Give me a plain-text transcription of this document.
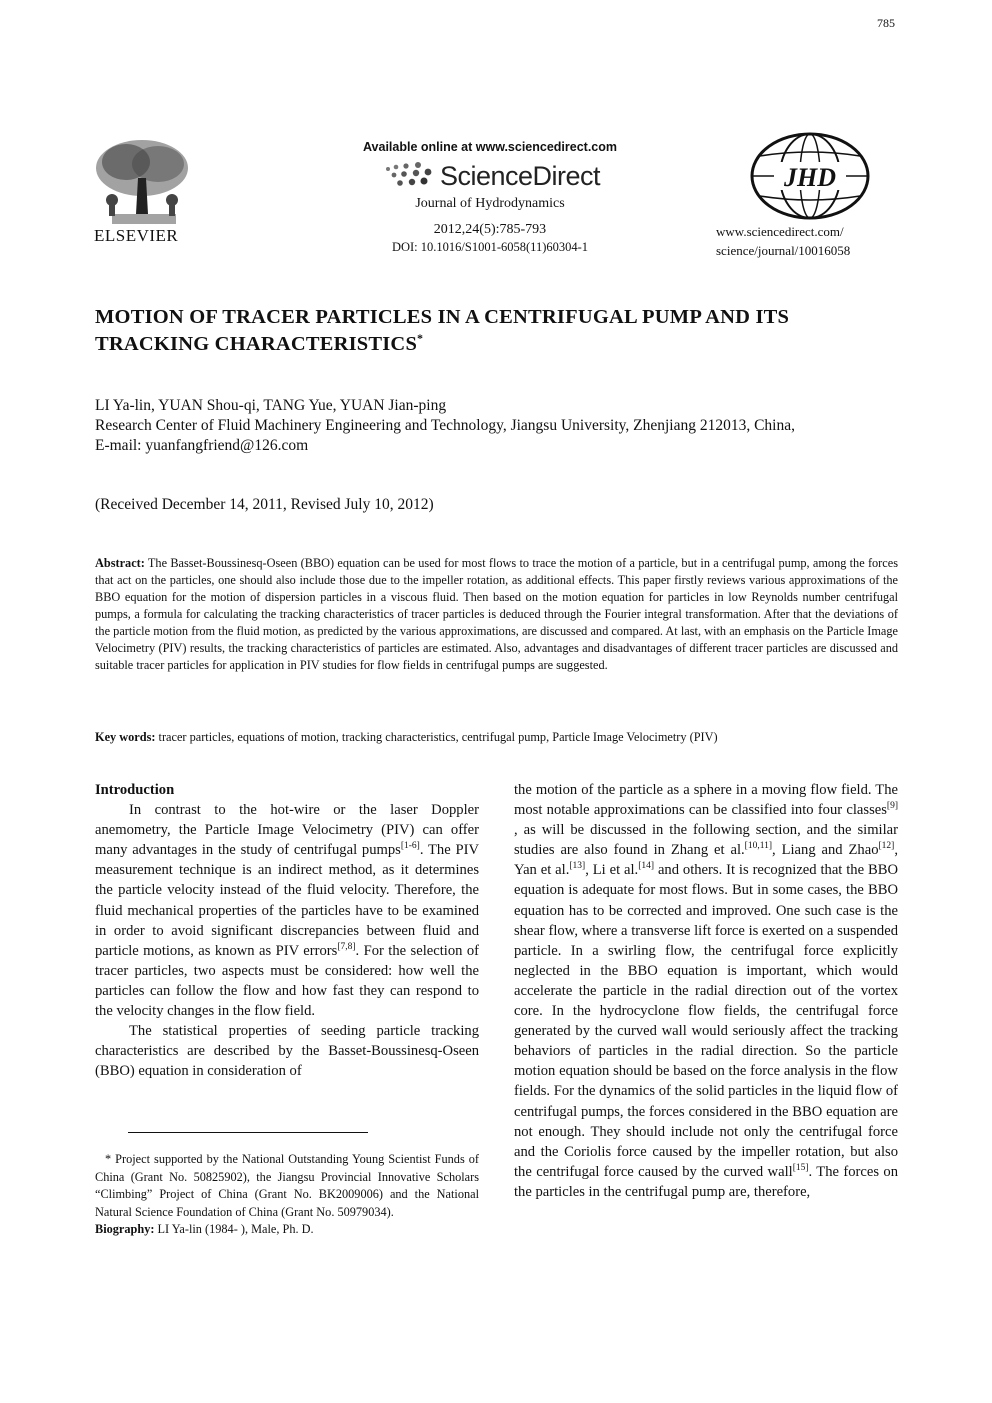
785
ELSEVIER
Available online at www.sciencedirect.com
ScienceDirect
Journal of Hydrodynamics
2012,24(5):785-793
DOI: 10.1016/S1001-6058(11)60304-1
JHD
www.sciencedirect.com/
science/journal/10016058
MOTION OF TRACER PARTICLES IN A CENTRIFUGAL PUMP AND ITS
TRACKING CHARACTERISTICS*
LI Ya-lin, YUAN Shou-qi, TANG Yue, YUAN Jian-ping
Research Center of Fluid Machinery Engineering and Technology, Jiangsu University, Zhenjiang 212013, China,
E-mail: yuanfangfriend@126.com
(Received December 14, 2011, Revised July 10, 2012)
Abstract: The Basset-Boussinesq-Oseen (BBO) equation can be used for most flows to trace the motion of a particle, but in a centrifugal pump, among the forces that act on the particles, one should also include those due to the impeller rotation, as additional effects. This paper firstly reviews various approximations of the BBO equation for the motion of dispersion particles in a viscous fluid. Then based on the motion equation for particles in low Reynolds number centrifugal pumps, a formula for calculating the tracking characteristics of tracer particles is deduced through the Fourier integral transformation. After that the deviations of the particle motion from the fluid motion, as predicted by the various approximations, are discussed and compared. At last, with an emphasis on the Particle Image Velocimetry (PIV) results, the tracking characteristics of particles are estimated. Also, advantages and disadvantages of different tracer particles are discussed and suitable tracer particles for application in PIV studies for flow fields in centrifugal pumps are suggested.
Key words: tracer particles, equations of motion, tracking characteristics, centrifugal pump, Particle Image Velocimetry (PIV)

Introduction

In contrast to the hot-wire or the laser Doppler anemometry, the Particle Image Velocimetry (PIV) can offer many advantages in the study of centrifugal pumps[1-6]. The PIV measurement technique is an indirect method, as it determines the particle velocity instead of the fluid velocity. Therefore, the fluid mechanical properties of the particles have to be examined in order to avoid significant discrepancies between fluid and particle motions, as known as PIV errors[7,8]. For the selection of tracer particles, two aspects must be considered: how well the particles can follow the flow and how fast they can respond to the velocity changes in the flow field.

The statistical properties of seeding particle tracking characteristics are described by the Basset-Boussinesq-Oseen (BBO) equation in consideration of

* Project supported by the National Outstanding Young Scientist Funds of China (Grant No. 50825902), the Jiangsu Provincial Innovative Scholars “Climbing” Project of China (Grant No. BK2009006) and the National Natural Science Foundation of China (Grant No. 50979034).

Biography: LI Ya-lin (1984- ), Male, Ph. D.

the motion of the particle as a sphere in a moving flow field. The most notable approximations can be classified into four classes[9] , as will be discussed in the following section, and the similar studies are also found in Zhang et al.[10,11], Liang and Zhao[12], Yan et al.[13], Li et al.[14] and others. It is recognized that the BBO equation is adequate for most flows. But in some cases, the BBO equation has to be corrected and improved. One such case is the shear flow, where a transverse lift force is exerted on a suspended particle. In a swirling flow, the centrifugal force explicitly neglected in the BBO equation is important, which would accelerate the particle in the radial direction out of the vortex core. In the hydrocyclone flow fields, the centrifugal force generated by the curved wall would seriously affect the tracking behaviors of particles in the radial direction. So the particle motion equation should be based on the force analysis in the flow fields. For the dynamics of the solid particles in the liquid flow of centrifugal pumps, the forces considered in the BBO equation are not enough. They should include not only the centrifugal force and the Coriolis force caused by the impeller rotation, but also the centrifugal force caused by the curved wall[15]. The forces on the particles in the centrifugal pump are, therefore,
